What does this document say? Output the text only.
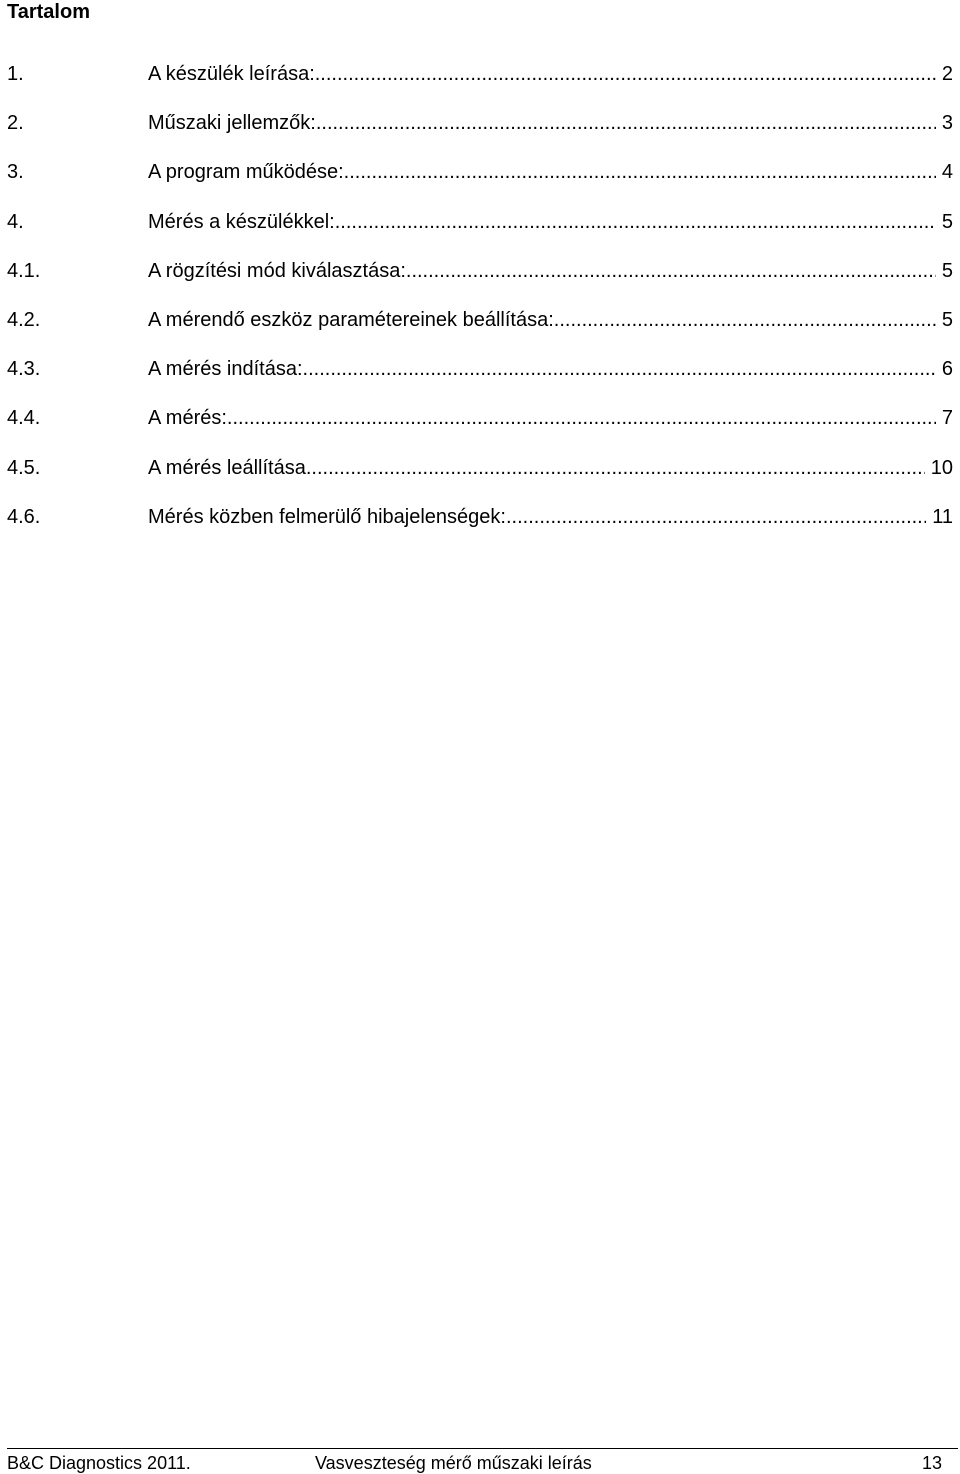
Tartalom
1.	A készülék leírása: .....	2
2.	Műszaki jellemzők: .....	3
3.	A program működése: .....	4
4.	Mérés a készülékkel: .....	5
4.1.	A rögzítési mód kiválasztása: .....	5
4.2.	A mérendő eszköz paramétereinek beállítása: .....	5
4.3.	A mérés indítása: .....	6
4.4.	A mérés: .....	7
4.5.	A mérés leállítása .....	10
4.6.	Mérés közben felmerülő hibajelenségek: .....	11
B&C Diagnostics 2011.	Vasveszteség mérő műszaki leírás	13
